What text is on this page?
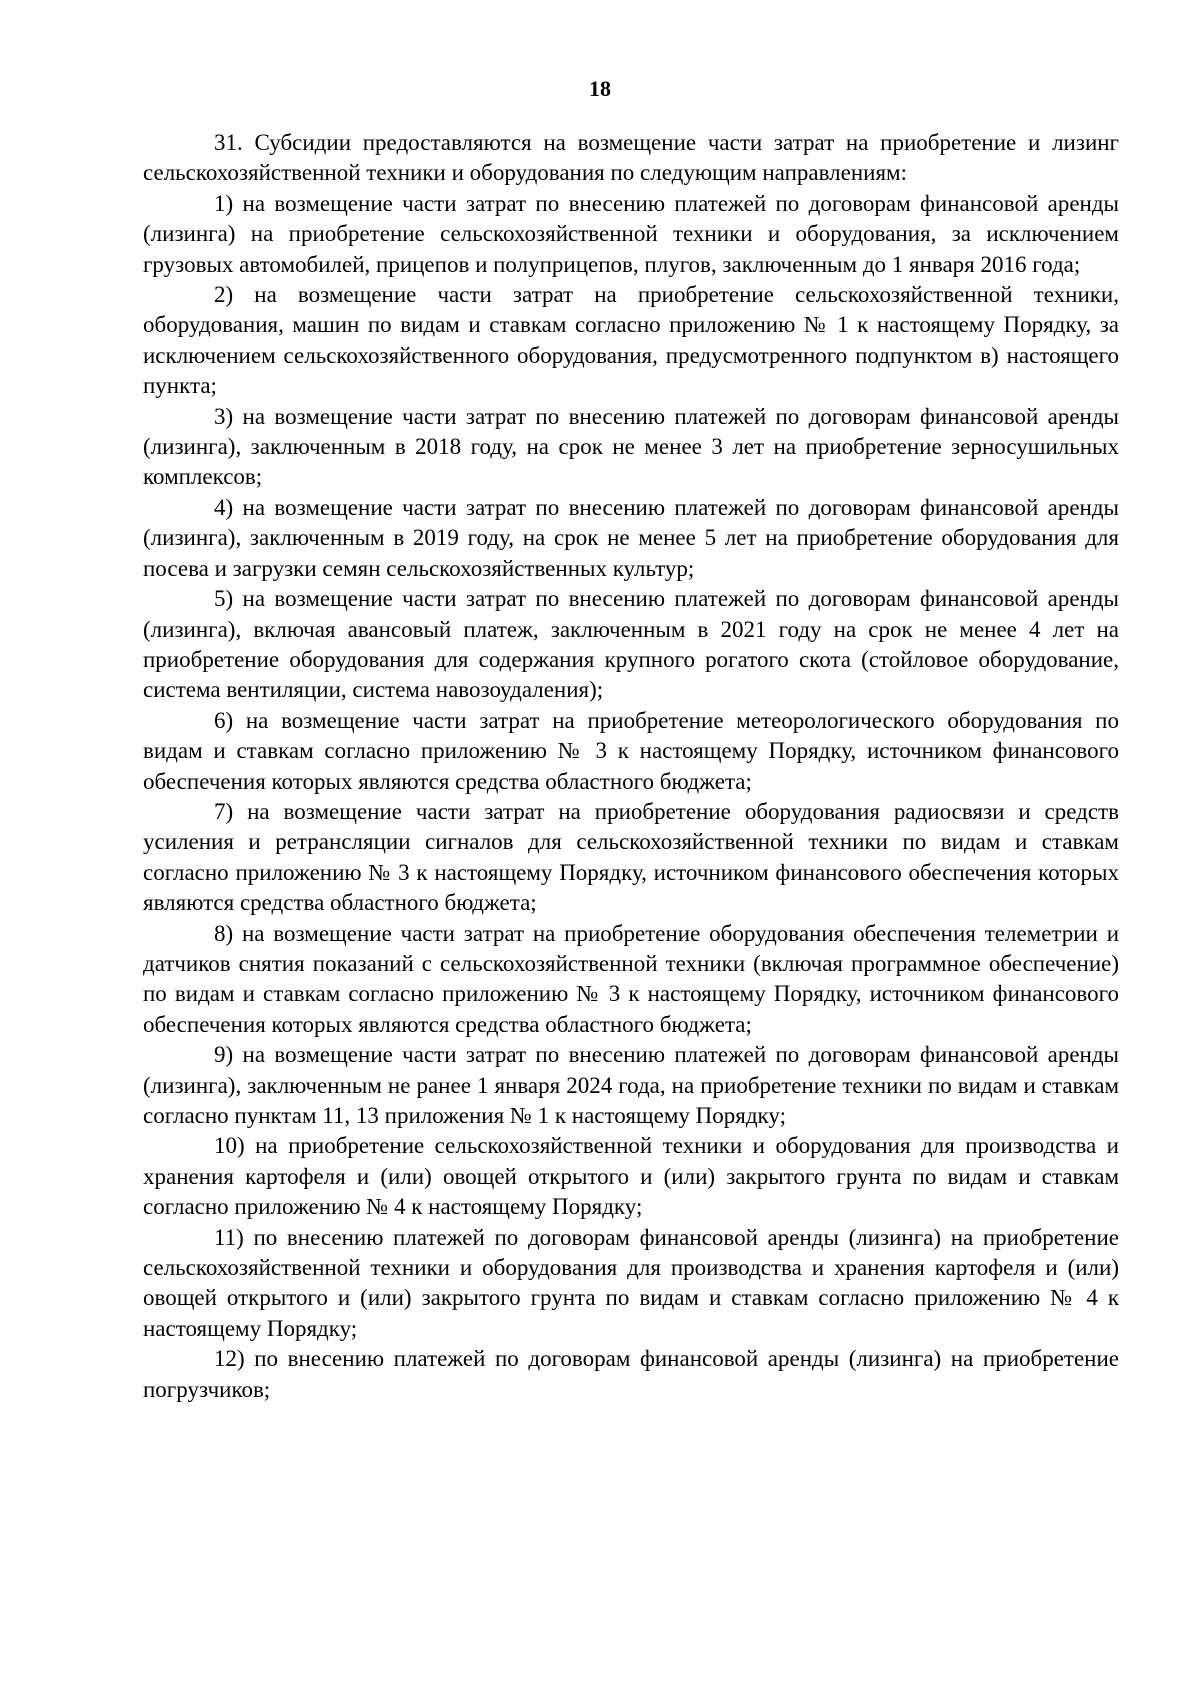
18

31. Субсидии предоставляются на возмещение части затрат на приобретение и лизинг сельскохозяйственной техники и оборудования по следующим направлениям:

1) на возмещение части затрат по внесению платежей по договорам финансовой аренды (лизинга) на приобретение сельскохозяйственной техники и оборудования, за исключением грузовых автомобилей, прицепов и полуприцепов, плугов, заключенным до 1 января 2016 года;

2) на возмещение части затрат на приобретение сельскохозяйственной техники, оборудования, машин по видам и ставкам согласно приложению № 1 к настоящему Порядку, за исключением сельскохозяйственного оборудования, предусмотренного подпунктом в) настоящего пункта;

3) на возмещение части затрат по внесению платежей по договорам финансовой аренды (лизинга), заключенным в 2018 году, на срок не менее 3 лет на приобретение зерносушильных комплексов;

4) на возмещение части затрат по внесению платежей по договорам финансовой аренды (лизинга), заключенным в 2019 году, на срок не менее 5 лет на приобретение оборудования для посева и загрузки семян сельскохозяйственных культур;

5) на возмещение части затрат по внесению платежей по договорам финансовой аренды (лизинга), включая авансовый платеж, заключенным в 2021 году на срок не менее 4 лет на приобретение оборудования для содержания крупного рогатого скота (стойловое оборудование, система вентиляции, система навозоудаления);

6) на возмещение части затрат на приобретение метеорологического оборудования по видам и ставкам согласно приложению № 3 к настоящему Порядку, источником финансового обеспечения которых являются средства областного бюджета;

7) на возмещение части затрат на приобретение оборудования радиосвязи и средств усиления и ретрансляции сигналов для сельскохозяйственной техники по видам и ставкам согласно приложению № 3 к настоящему Порядку, источником финансового обеспечения которых являются средства областного бюджета;

8) на возмещение части затрат на приобретение оборудования обеспечения телеметрии и датчиков снятия показаний с сельскохозяйственной техники (включая программное обеспечение) по видам и ставкам согласно приложению № 3 к настоящему Порядку, источником финансового обеспечения которых являются средства областного бюджета;

9) на возмещение части затрат по внесению платежей по договорам финансовой аренды (лизинга), заключенным не ранее 1 января 2024 года, на приобретение техники по видам и ставкам согласно пунктам 11, 13 приложения № 1 к настоящему Порядку;

10) на приобретение сельскохозяйственной техники и оборудования для производства и хранения картофеля и (или) овощей открытого и (или) закрытого грунта по видам и ставкам согласно приложению № 4 к настоящему Порядку;

11) по внесению платежей по договорам финансовой аренды (лизинга) на приобретение сельскохозяйственной техники и оборудования для производства и хранения картофеля и (или) овощей открытого и (или) закрытого грунта по видам и ставкам согласно приложению № 4 к настоящему Порядку;

12) по внесению платежей по договорам финансовой аренды (лизинга) на приобретение погрузчиков;
